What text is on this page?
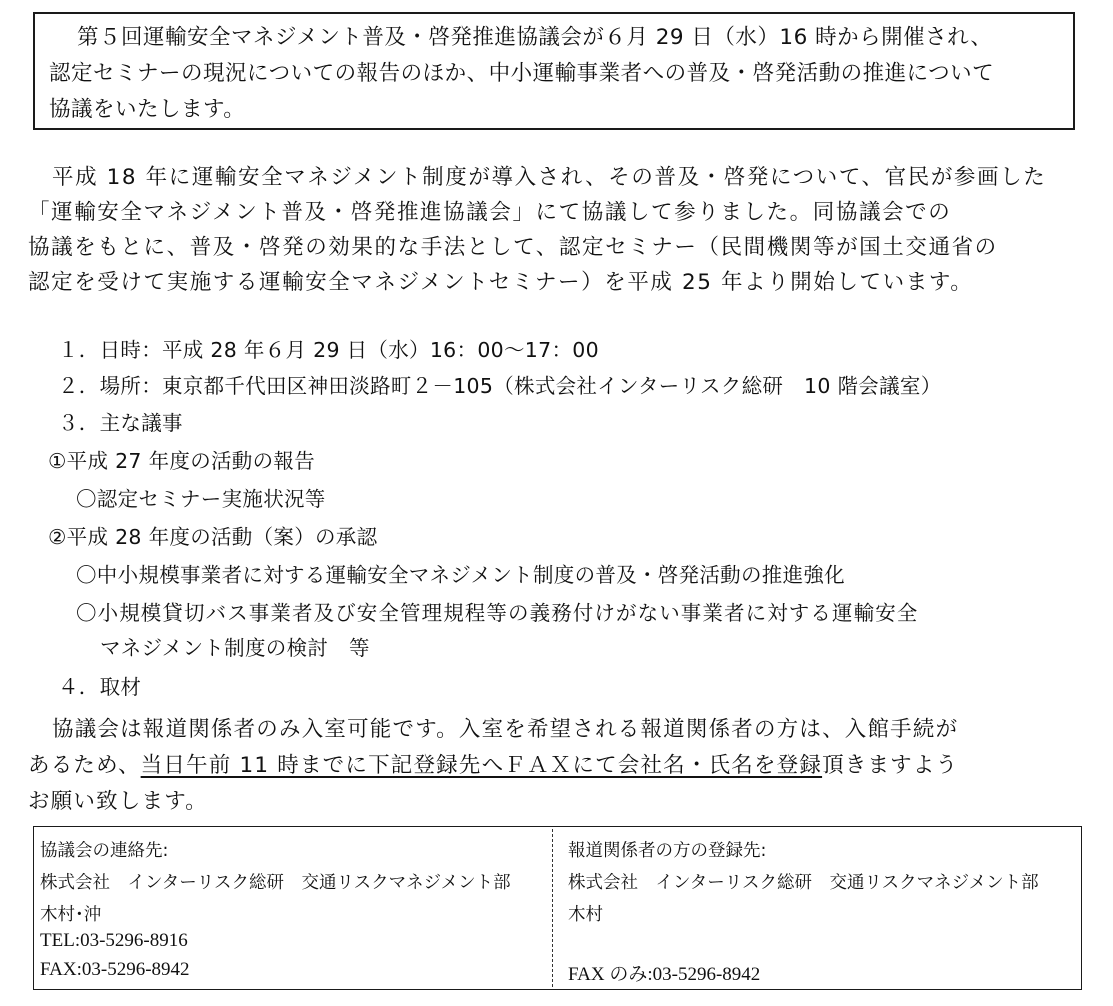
第５回運輸安全マネジメント普及・啓発推進協議会が６月 29 日（水）16 時から開催され、
認定セミナーの現況についての報告のほか、中小運輸事業者への普及・啓発活動の推進について
協議をいたします。
平成 18 年に運輸安全マネジメント制度が導入され、その普及・啓発について、官民が参画した
「運輸安全マネジメント普及・啓発推進協議会」にて協議して参りました。同協議会での
協議をもとに、普及・啓発の効果的な手法として、認定セミナー（民間機関等が国土交通省の
認定を受けて実施する運輸安全マネジメントセミナー）を平成 25 年より開始しています。
１．日時：平成 28 年６月 29 日（水）16：00～17：00
２．場所：東京都千代田区神田淡路町２－105（株式会社インターリスク総研　10 階会議室）
３．主な議事
①平成 27 年度の活動の報告
〇認定セミナー実施状況等
②平成 28 年度の活動（案）の承認
〇中小規模事業者に対する運輸安全マネジメント制度の普及・啓発活動の推進強化
〇小規模貸切バス事業者及び安全管理規程等の義務付けがない事業者に対する運輸安全
マネジメント制度の検討　等
４．取材
協議会は報道関係者のみ入室可能です。入室を希望される報道関係者の方は、入館手続が
あるため、当日午前 11 時までに下記登録先へＦＡＸにて会社名・氏名を登録頂きますよう
お願い致します。
協議会の連絡先:
株式会社　インターリスク総研　交通リスクマネジメント部
木村･沖
TEL:03-5296-8916
FAX:03-5296-8942
報道関係者の方の登録先:
株式会社　インターリスク総研　交通リスクマネジメント部
木村
FAX のみ:03-5296-8942
